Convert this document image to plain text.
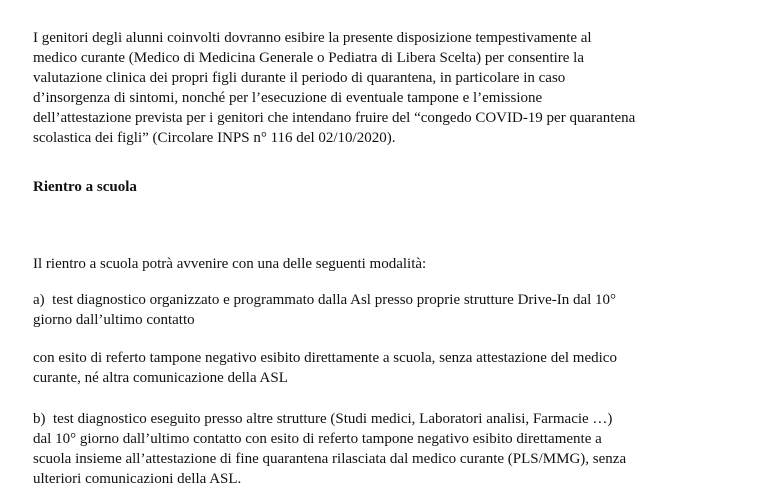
I genitori degli alunni coinvolti dovranno esibire la presente disposizione tempestivamente al
medico curante (Medico di Medicina Generale o Pediatra di Libera Scelta) per consentire la
valutazione clinica dei propri figli durante il periodo di quarantena, in particolare in caso
d’insorgenza di sintomi, nonché per l’esecuzione di eventuale tampone e l’emissione
dell’attestazione prevista per i genitori che intendano fruire del “congedo COVID-19 per quarantena
scolastica dei figli” (Circolare INPS n° 116 del 02/10/2020).

Rientro a scuola

Il rientro a scuola potrà avvenire con una delle seguenti modalità:

a)  test diagnostico organizzato e programmato dalla Asl presso proprie strutture Drive-In dal 10°
giorno dall’ultimo contatto

con esito di referto tampone negativo esibito direttamente a scuola, senza attestazione del medico
curante, né altra comunicazione della ASL

b)  test diagnostico eseguito presso altre strutture (Studi medici, Laboratori analisi, Farmacie …)
dal 10° giorno dall’ultimo contatto con esito di referto tampone negativo esibito direttamente a
scuola insieme all’attestazione di fine quarantena rilasciata dal medico curante (PLS/MMG), senza
ulteriori comunicazioni della ASL.
